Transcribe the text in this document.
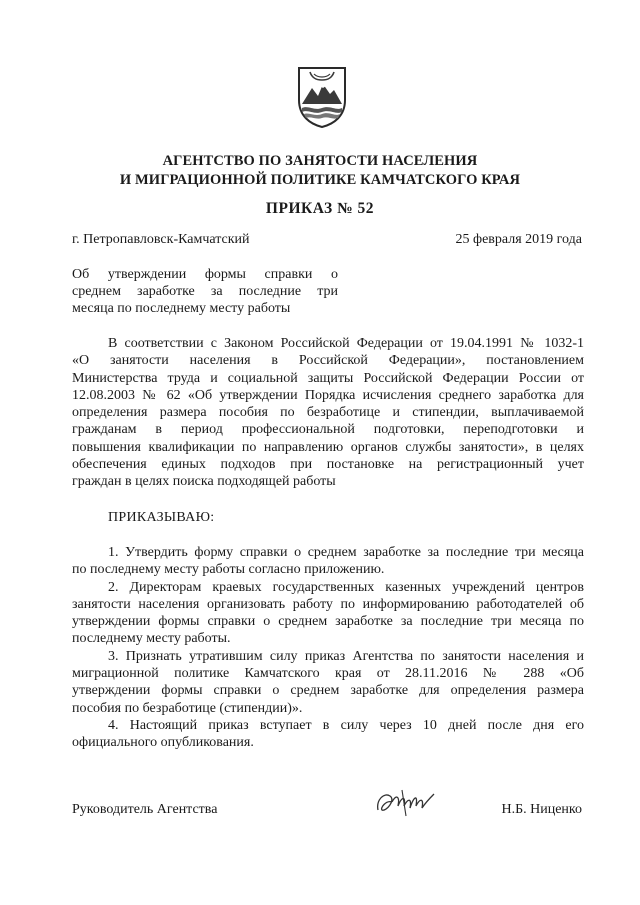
АГЕНТСТВО ПО ЗАНЯТОСТИ НАСЕЛЕНИЯ
И МИГРАЦИОННОЙ ПОЛИТИКЕ КАМЧАТСКОГО КРАЯ
ПРИКАЗ № 52
г. Петропавловск-Камчатский	25 февраля 2019 года
Об утверждении формы справки о
среднем заработке за последние три
месяца по последнему месту работы
В соответствии с Законом Российской Федерации от 19.04.1991 № 1032-1
«О занятости населения в Российской Федерации», постановлением
Министерства труда и социальной защиты Российской Федерации России от
12.08.2003 № 62 «Об утверждении Порядка исчисления среднего заработка для
определения размера пособия по безработице и стипендии, выплачиваемой
гражданам в период профессиональной подготовки, переподготовки и
повышения квалификации по направлению органов службы занятости», в целях
обеспечения единых подходов при постановке на регистрационный учет
граждан в целях поиска подходящей работы
ПРИКАЗЫВАЮ:
1. Утвердить форму справки о среднем заработке за последние три месяца
по последнему месту работы согласно приложению.
2. Директорам краевых государственных казенных учреждений центров
занятости населения организовать работу по информированию работодателей об
утверждении формы справки о среднем заработке за последние три месяца по
последнему месту работы.
3. Признать утратившим силу приказ Агентства по занятости населения и
миграционной политике Камчатского края от 28.11.2016 № 288 «Об
утверждении формы справки о среднем заработке для определения размера
пособия по безработице (стипендии)».
4. Настоящий приказ вступает в силу через 10 дней после дня его
официального опубликования.
Руководитель Агентства	Н.Б. Ниценко
